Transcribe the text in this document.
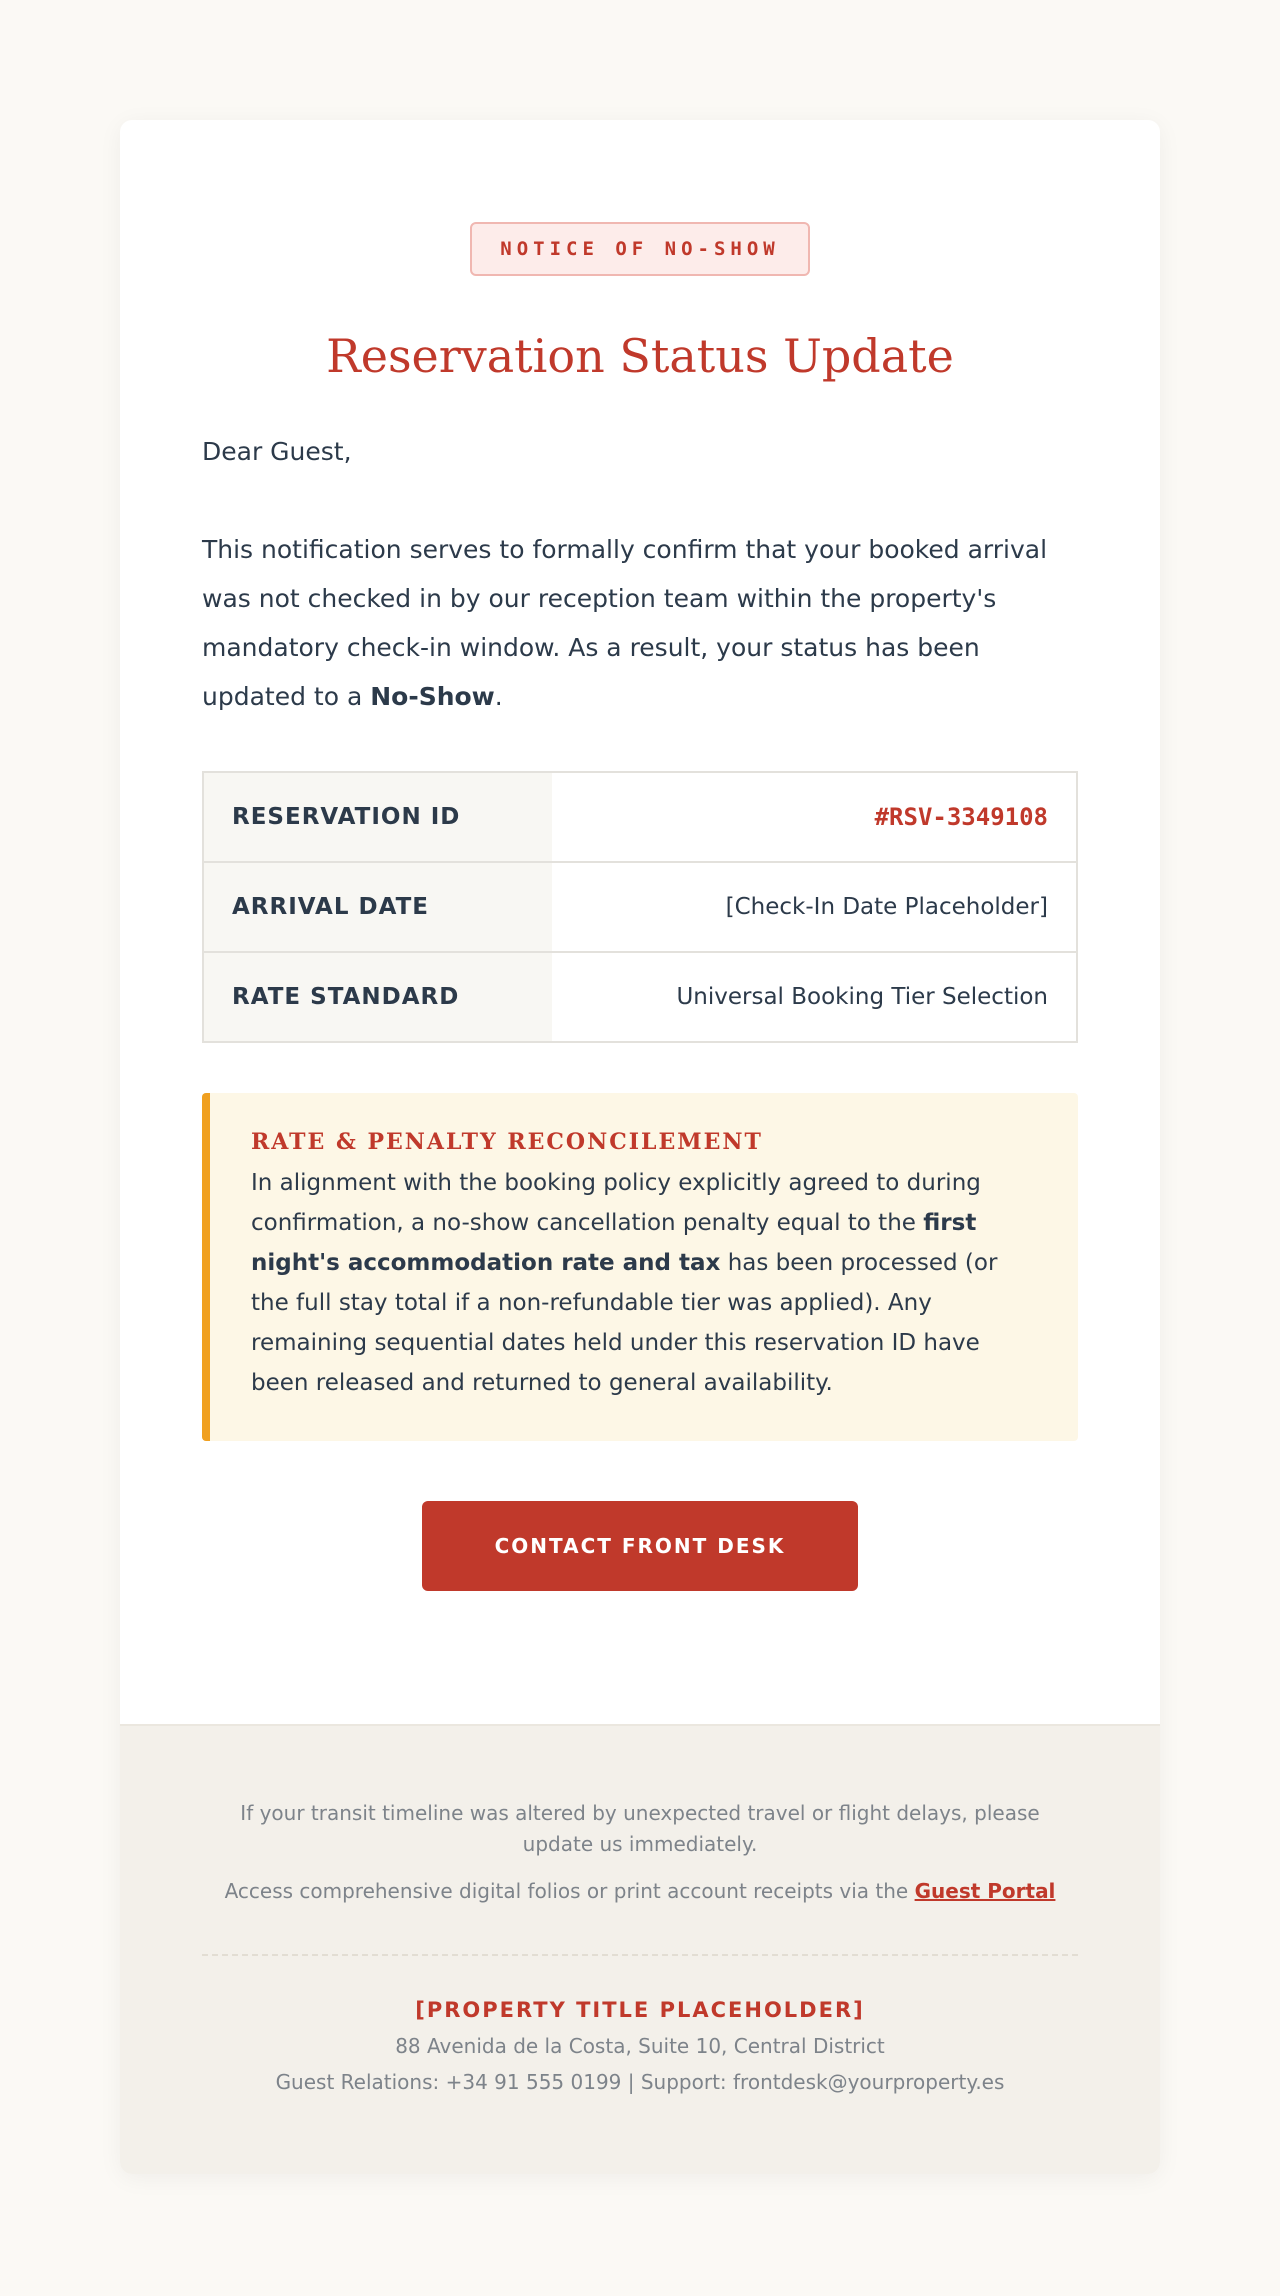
NOTICE OF NO-SHOW
Reservation Status Update

Dear Guest,

This notification serves to formally confirm that your booked arrival was not checked in by our reception team within the property's mandatory check-in window. As a result, your status has been updated to a No-Show.

RESERVATION ID	#RSV-3349108
ARRIVAL DATE	[Check-In Date Placeholder]
RATE STANDARD	Universal Booking Tier Selection

RATE & PENALTY RECONCILEMENT

In alignment with the booking policy explicitly agreed to during confirmation, a no-show cancellation penalty equal to the first night's accommodation rate and tax has been processed (or the full stay total if a non-refundable tier was applied). Any remaining sequential dates held under this reservation ID have been released and returned to general availability.

CONTACT FRONT DESK

If your transit timeline was altered by unexpected travel or flight delays, please update us immediately.

Access comprehensive digital folios or print account receipts via the Guest Portal

[PROPERTY TITLE PLACEHOLDER]
88 Avenida de la Costa, Suite 10, Central District
Guest Relations: +34 91 555 0199 | Support: frontdesk@yourproperty.es
